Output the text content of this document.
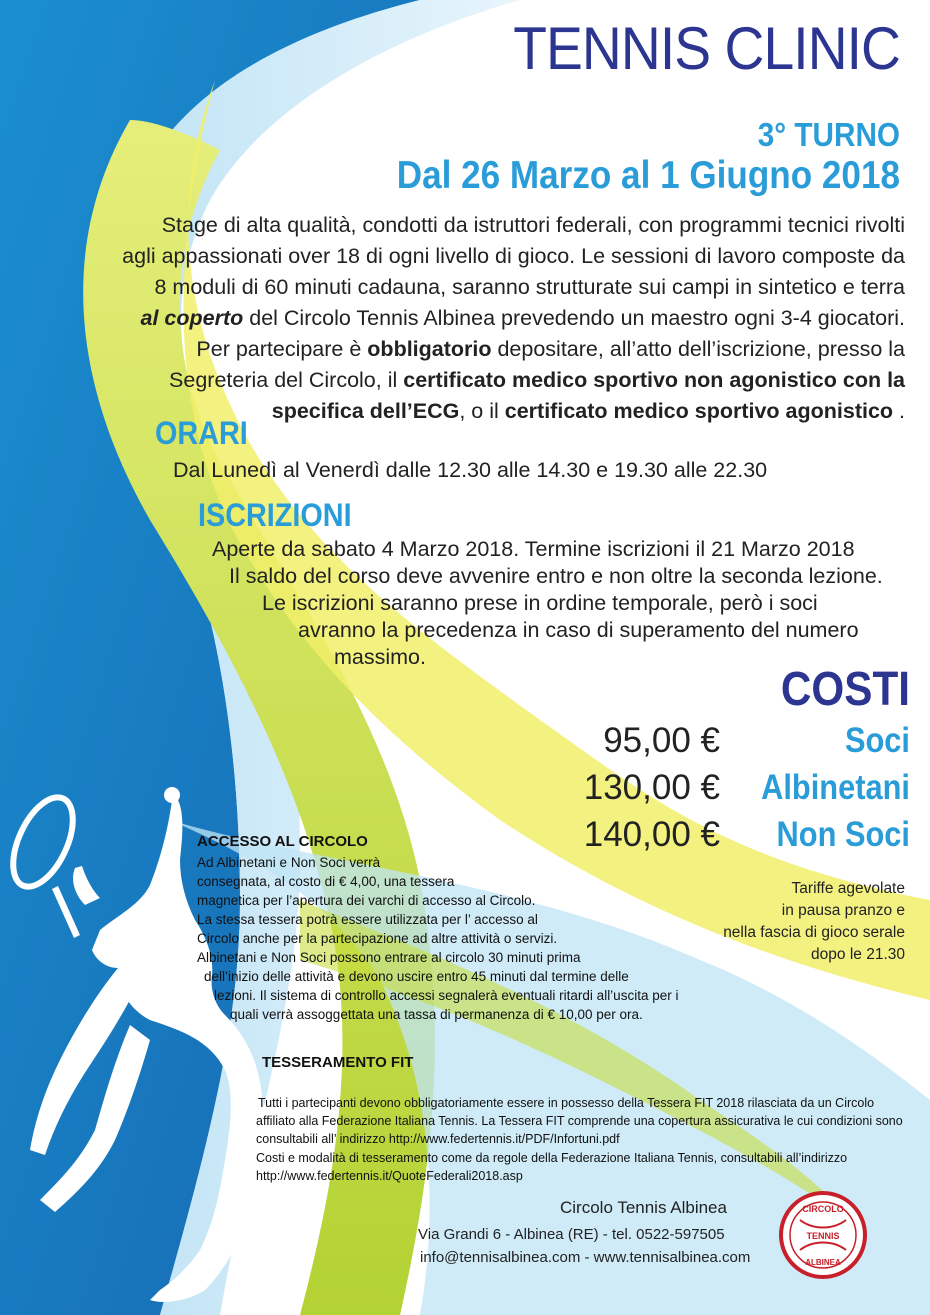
TENNIS CLINIC
3° TURNO
Dal 26 Marzo al 1 Giugno 2018
Stage di alta qualità, condotti da istruttori federali, con programmi tecnici rivolti
agli appassionati over 18 di ogni livello di gioco. Le sessioni di lavoro composte da
8 moduli di 60 minuti cadauna, saranno strutturate sui campi in sintetico e terra
al coperto del Circolo Tennis Albinea prevedendo un maestro ogni 3-4 giocatori.
Per partecipare è obbligatorio depositare, all’atto dell’iscrizione, presso la
Segreteria del Circolo, il certificato medico sportivo non agonistico con la
specifica dell’ECG, o il certificato medico sportivo agonistico .
ORARI
Dal Lunedì al Venerdì dalle 12.30 alle 14.30 e 19.30 alle 22.30
ISCRIZIONI
Aperte da sabato 4 Marzo 2018. Termine iscrizioni il 21 Marzo 2018
Il saldo del corso deve avvenire entro e non oltre la seconda lezione.
Le iscrizioni saranno prese in ordine temporale, però i soci
avranno la precedenza in caso di superamento del numero
massimo.
COSTI
95,00 €	Soci
130,00 €	Albinetani
140,00 €	Non Soci
Tariffe agevolate
in pausa pranzo e
nella fascia di gioco serale
dopo le 21.30
ACCESSO AL CIRCOLO
Ad Albinetani e Non Soci verrà
consegnata, al costo di € 4,00, una tessera
magnetica per l’apertura dei varchi di accesso al Circolo.
La stessa tessera potrà essere utilizzata per l’ accesso al
Circolo anche per la partecipazione ad altre attività o servizi.
Albinetani e Non Soci possono entrare al circolo 30 minuti prima
dell’inizio delle attività e devono uscire entro 45 minuti dal termine delle
lezioni. Il sistema di controllo accessi segnalerà eventuali ritardi all’uscita per i
quali verrà assoggettata una tassa di permanenza di € 10,00 per ora.
TESSERAMENTO FIT
Tutti i partecipanti devono obbligatoriamente essere in possesso della Tessera FIT 2018 rilasciata da un Circolo
affiliato alla Federazione Italiana Tennis. La Tessera FIT comprende una copertura assicurativa le cui condizioni sono
consultabili all’ indirizzo http://www.federtennis.it/PDF/Infortuni.pdf
Costi e modalità di tesseramento come da regole della Federazione Italiana Tennis, consultabili all’indirizzo
http://www.federtennis.it/QuoteFederali2018.asp
Circolo Tennis Albinea
Via Grandi 6 - Albinea (RE) - tel. 0522-597505
info@tennisalbinea.com - www.tennisalbinea.com
CIRCOLO
TENNIS
ALBINEA
